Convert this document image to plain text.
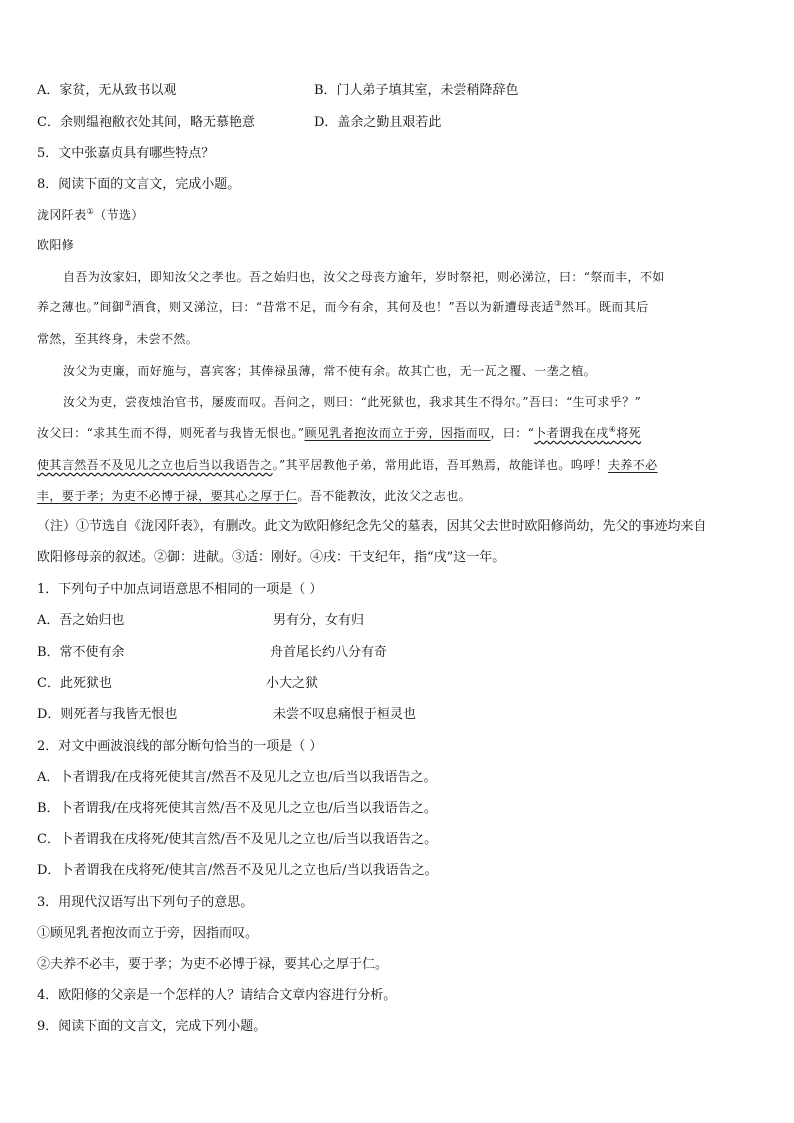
A．家贫，无从致书以观	B．门人弟子填其室，未尝稍降辞色
C．余则缊袍敝衣处其间，略无慕艳意	D．盖余之勤且艰若此
5．文中张嘉贞具有哪些特点？
8．阅读下面的文言文，完成小题。
泷冈阡表①（节选）
欧阳修
自吾为汝家妇，即知汝父之孝也。吾之始归也，汝父之母丧方逾年，岁时祭祀，则必涕泣，曰：“祭而丰，不如
养之薄也。”间御②酒食，则又涕泣，曰：“昔常不足，而今有余，其何及也！”吾以为新遭母丧适③然耳。既而其后
常然，至其终身，未尝不然。
汝父为吏廉，而好施与，喜宾客；其俸禄虽薄，常不使有余。故其亡也，无一瓦之覆、一垄之植。
汝父为吏，尝夜烛治官书，屡废而叹。吾问之，则曰：“此死狱也，我求其生不得尔。”吾曰：“生可求乎？”
汝父曰：“求其生而不得，则死者与我皆无恨也。”顾见乳者抱汝而立于旁，因指而叹，曰：“卜者谓我在戌④将死
使其言然吾不及见儿之立也后当以我语告之。”其平居教他子弟，常用此语，吾耳熟焉，故能详也。呜呼！夫养不必
丰，要于孝；为吏不必博于禄，要其心之厚于仁。吾不能教汝，此汝父之志也。
（注）①节选自《泷冈阡表》，有删改。此文为欧阳修纪念先父的墓表，因其父去世时欧阳修尚幼，先父的事迹均来自
欧阳修母亲的叙述。②御：进献。③适：刚好。④戌：干支纪年，指“戌”这一年。
1．下列句子中加点词语意思不相同的一项是（ ）
A．吾之始归也	男有分，女有归
B．常不使有余	舟首尾长约八分有奇
C．此死狱也	小大之狱
D．则死者与我皆无恨也	未尝不叹息痛恨于桓灵也
2．对文中画波浪线的部分断句恰当的一项是（ ）
A．卜者谓我/在戌将死使其言/然吾不及见儿之立也/后当以我语告之。
B．卜者谓我/在戌将死使其言然/吾不及见儿之立也/后当以我语告之。
C．卜者谓我在戌将死/使其言然/吾不及见儿之立也/后当以我语告之。
D．卜者谓我在戌将死/使其言/然吾不及见儿之立也后/当以我语告之。
3．用现代汉语写出下列句子的意思。
①顾见乳者抱汝而立于旁，因指而叹。
②夫养不必丰，要于孝；为吏不必博于禄，要其心之厚于仁。
4．欧阳修的父亲是一个怎样的人？请结合文章内容进行分析。
9．阅读下面的文言文，完成下列小题。
